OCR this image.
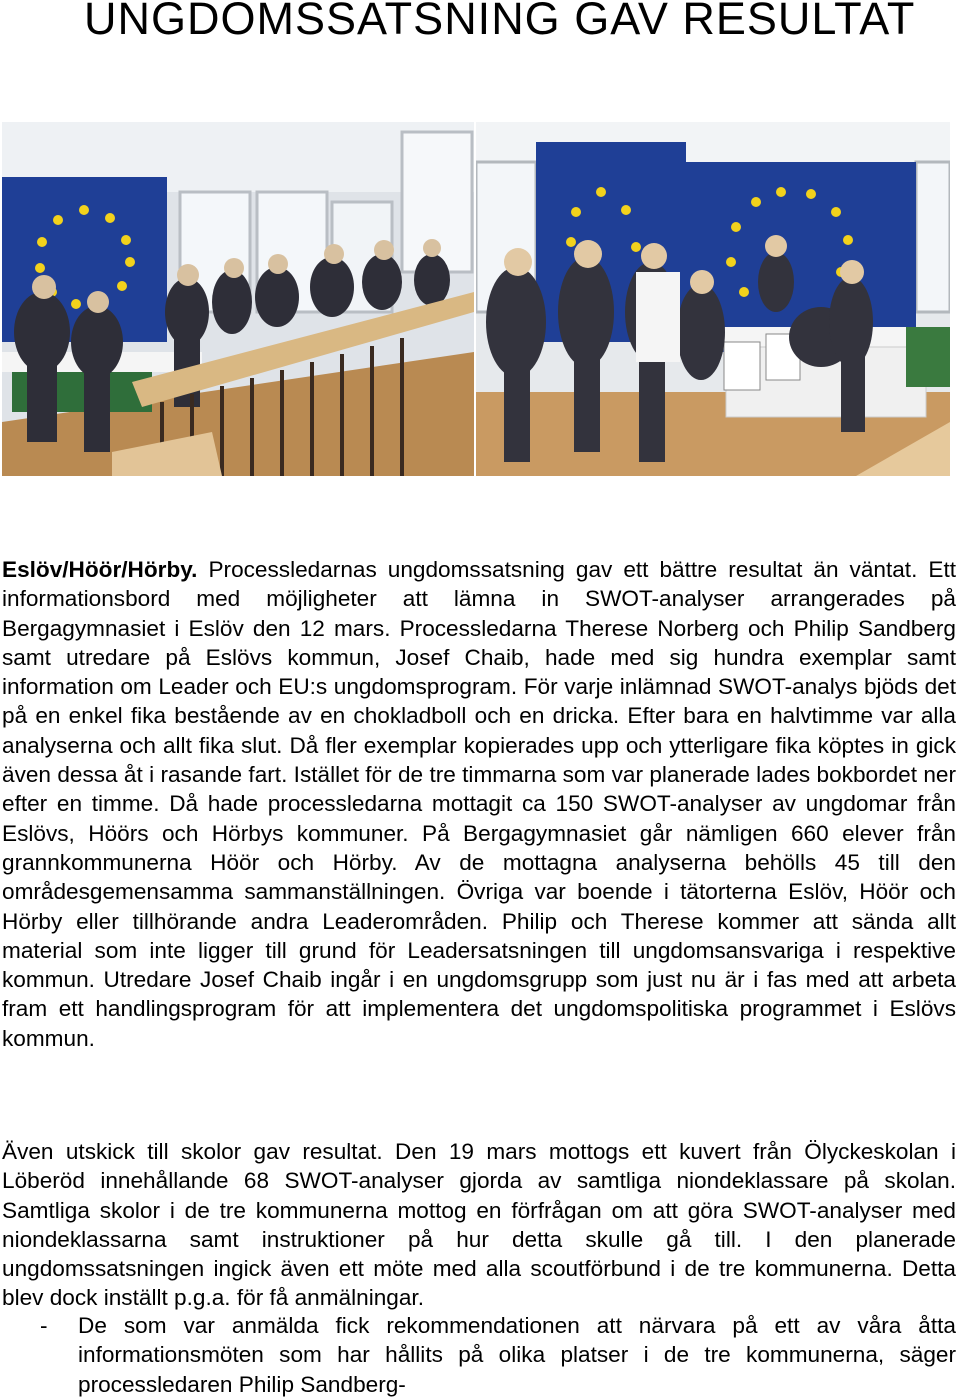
UNGDOMSSATSNING GAV RESULTAT

Eslöv/Höör/Hörby. Processledarnas ungdomssatsning gav ett bättre resultat än väntat. Ett informationsbord med möjligheter att lämna in SWOT-analyser arrangerades på Bergagymnasiet i Eslöv den 12 mars. Processledarna Therese Norberg och Philip Sandberg samt utredare på Eslövs kommun, Josef Chaib, hade med sig hundra exemplar samt information om Leader och EU:s ungdomsprogram. För varje inlämnad SWOT-analys bjöds det på en enkel fika bestående av en chokladboll och en dricka. Efter bara en halvtimme var alla analyserna och allt fika slut. Då fler exemplar kopierades upp och ytterligare fika köptes in gick även dessa åt i rasande fart. Istället för de tre timmarna som var planerade lades bokbordet ner efter en timme. Då hade processledarna mottagit ca 150 SWOT-analyser av ungdomar från Eslövs, Höörs och Hörbys kommuner. På Bergagymnasiet går nämligen 660 elever från grannkommunerna Höör och Hörby. Av de mottagna analyserna behölls 45 till den områdesgemensamma sammanställningen. Övriga var boende i tätorterna Eslöv, Höör och Hörby eller tillhörande andra Leaderområden. Philip och Therese kommer att sända allt material som inte ligger till grund för Leadersatsningen till ungdomsansvariga i respektive kommun. Utredare Josef Chaib ingår i en ungdomsgrupp som just nu är i fas med att arbeta fram ett handlingsprogram för att implementera det ungdomspolitiska programmet i Eslövs kommun.

Även utskick till skolor gav resultat. Den 19 mars mottogs ett kuvert från Ölyckeskolan i Löberöd innehållande 68 SWOT-analyser gjorda av samtliga niondeklassare på skolan. Samtliga skolor i de tre kommunerna mottog en förfrågan om att göra SWOT-analyser med niondeklassarna samt instruktioner på hur detta skulle gå till. I den planerade ungdomssatsningen ingick även ett möte med alla scoutförbund i de tre kommunerna. Detta blev dock inställt p.g.a. för få anmälningar.

- De som var anmälda fick rekommendationen att närvara på ett av våra åtta informationsmöten som har hållits på olika platser i de tre kommunerna, säger processledaren Philip Sandberg-
